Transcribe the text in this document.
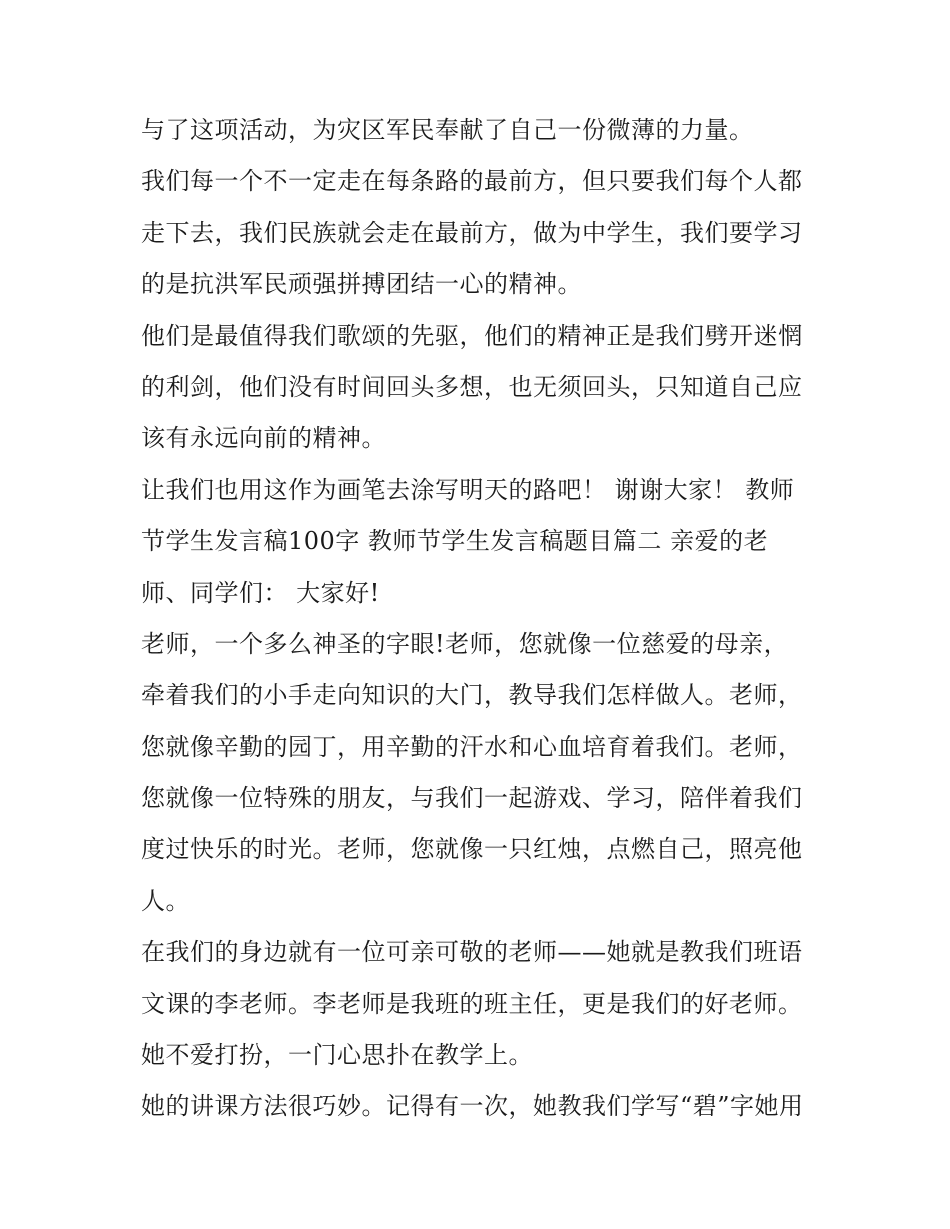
与了这项活动，为灾区军民奉献了自己一份微薄的力量。
我们每一个不一定走在每条路的最前方，但只要我们每个人都
走下去，我们民族就会走在最前方，做为中学生，我们要学习
的是抗洪军民顽强拼搏团结一心的精神。
他们是最值得我们歌颂的先驱，他们的精神正是我们劈开迷惘
的利剑，他们没有时间回头多想，也无须回头，只知道自己应
该有永远向前的精神。
让我们也用这作为画笔去涂写明天的路吧！ 谢谢大家！ 教师
节学生发言稿100字 教师节学生发言稿题目篇二 亲爱的老
师、同学们： 大家好!
老师，一个多么神圣的字眼!老师，您就像一位慈爱的母亲，
牵着我们的小手走向知识的大门，教导我们怎样做人。老师，
您就像辛勤的园丁，用辛勤的汗水和心血培育着我们。老师，
您就像一位特殊的朋友，与我们一起游戏、学习，陪伴着我们
度过快乐的时光。老师，您就像一只红烛，点燃自己，照亮他
人。
在我们的身边就有一位可亲可敬的老师——她就是教我们班语
文课的李老师。李老师是我班的班主任，更是我们的好老师。
她不爱打扮，一门心思扑在教学上。
她的讲课方法很巧妙。记得有一次，她教我们学写“碧”字她用
